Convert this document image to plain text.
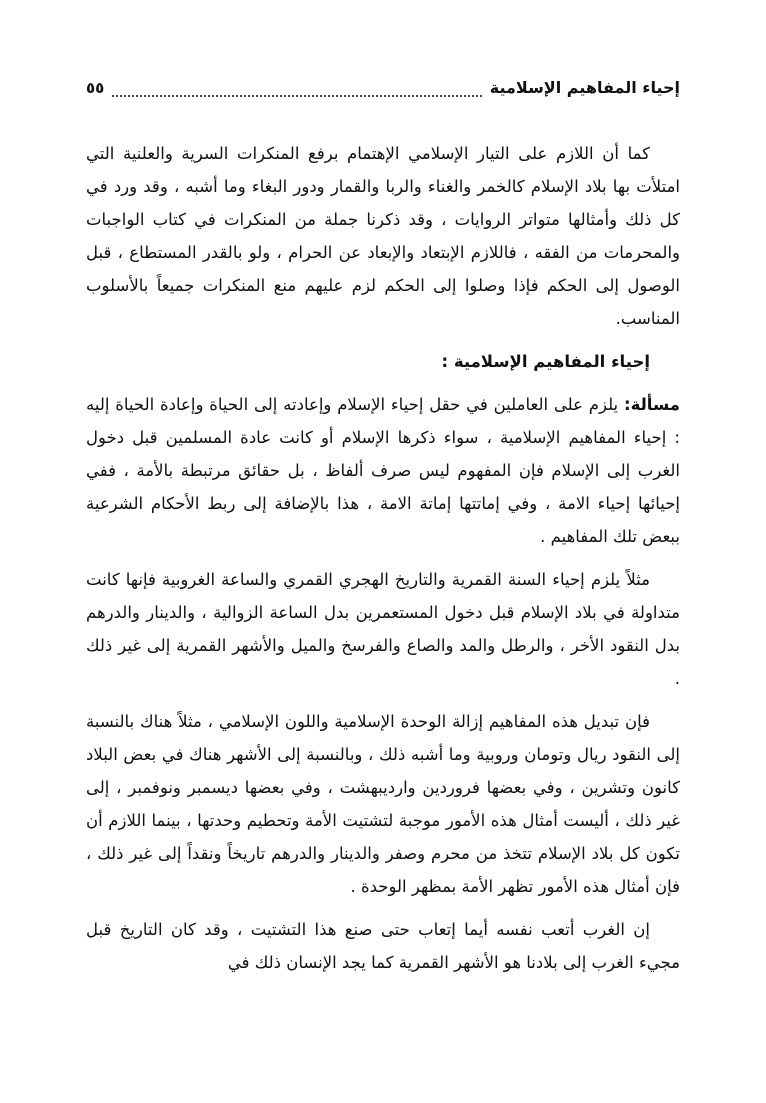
إحياء المفاهيم الإسلامية
٥٥

كما أن اللازم على التيار الإسلامي الإهتمام برفع المنكرات السرية والعلنية التي امتلأت بها بلاد الإسلام كالخمر والغناء والربا والقمار ودور البغاء وما أشبه ، وقد ورد في كل ذلك وأمثالها متواتر الروايات ، وقد ذكرنا جملة من المنكرات في كتاب الواجبات والمحرمات من الفقه ، فاللازم الإبتعاد والإبعاد عن الحرام ، ولو بالقدر المستطاع ، قبل الوصول إلى الحكم فإذا وصلوا إلى الحكم لزم عليهم منع المنكرات جميعاً بالأسلوب المناسب.

إحياء المفاهيم الإسلامية :

مسألة: يلزم على العاملين في حقل إحياء الإسلام وإعادته إلى الحياة وإعادة الحياة إليه : إحياء المفاهيم الإسلامية ، سواء ذكرها الإسلام أو كانت عادة المسلمين قبل دخول الغرب إلى الإسلام فإن المفهوم ليس صرف ألفاظ ، بل حقائق مرتبطة بالأمة ، ففي إحيائها إحياء الامة ، وفي إماتتها إماتة الامة ، هذا بالإضافة إلى ربط الأحكام الشرعية ببعض تلك المفاهيم .

مثلاً يلزم إحياء السنة القمرية والتاريخ الهجري القمري والساعة الغروبية فإنها كانت متداولة في بلاد الإسلام قبل دخول المستعمرين بدل الساعة الزوالية ، والدينار والدرهم بدل النقود الأخر ، والرطل والمد والصاع والفرسخ والميل والأشهر القمرية إلى غير ذلك .

فإن تبديل هذه المفاهيم إزالة الوحدة الإسلامية واللون الإسلامي ، مثلاً هناك بالنسبة إلى النقود ريال وتومان وروبية وما أشبه ذلك ، وبالنسبة إلى الأشهر هناك في بعض البلاد كانون وتشرين ، وفي بعضها فروردين وارديبهشت ، وفي بعضها ديسمبر ونوفمبر ، إلى غير ذلك ، أليست أمثال هذه الأمور موجبة لتشتيت الأمة وتحطيم وحدتها ، بينما اللازم أن تكون كل بلاد الإسلام تتخذ من محرم وصفر والدينار والدرهم تاريخاً ونقداً إلى غير ذلك ، فإن أمثال هذه الأمور تظهر الأمة بمظهر الوحدة .

إن الغرب أتعب نفسه أيما إتعاب حتى صنع هذا التشتيت ، وقد كان التاريخ قبل مجيء الغرب إلى بلادنا هو الأشهر القمرية كما يجد الإنسان ذلك في
